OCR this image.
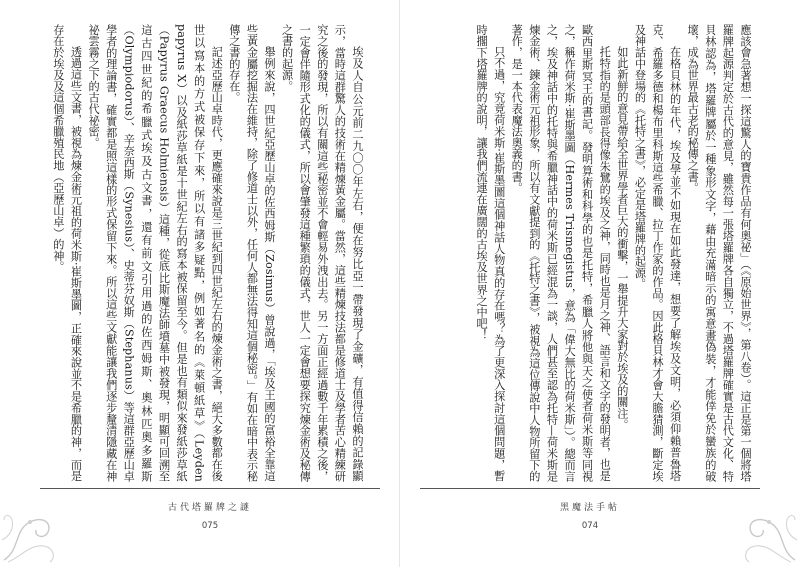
埃及人自公元前二九〇〇年左右，便在努比亞一帶發現了金礦，有值得信賴的記錄顯示，當時這群驚人的技術在精煉黃金屬。當然，這些精煉技法都是修道士及學者苦心精練研究之後的發現，所以有關這些秘密並不會輕易外洩出去。另一方面正經過數千年累積之後，一定會伴隨形式化的儀式，所以會肇發這種繁瑣的儀式，世人一定會想要探究煉金術及秘傳之書的起源。

舉例來說，四世紀亞歷山卓的佐西姆斯（Zosimus）曾說過，「埃及王國的富裕全靠這些黃金屬挖掘法在維持，除了修道士以外，任何人都無法得知這個秘密。」有如在暗中表示秘傳之書的存在。

記述亞歷山卓時代，更應確來說是三世紀到四世紀左右的煉金術之書，絕大多數都在後世以寫本的方式被保存下來，所以有諸多疑點，例如著名的《萊頓紙草》（Leyden papyrus X）以及紙莎草紙是十世紀左右的寫本被保留至今。但是也有類似來發紙莎草紙（Papyrus Graecus Holmiensis）這種，從底比斯魔法師墳墓中被發現，明顯可回溯至這古四世紀的希臘式埃及古文書，還有前文引用過的佐西姆斯、奧林匹奧多羅斯（Olympiodorus）、辛奈西斯（Synesius）、史蒂芬奴斯（Stephanus）等這群亞歷山卓學者的理論書，確實都是照這樣的形式保留下來。所以這些文獻能讓我們逐步釐清隱藏在神祕雲霧之下的古代祕密。

透過這些文書，被視為煉金術元祖的荷米斯·崔斯墨圖，正確來說並不是希臘的神，而是存在於埃及及這個希臘殖民地（亞歷山卓）的神。

古代塔羅牌之謎
075

應該會急著想一探這驚人的寶貴作品有何奧祕」（《原始世界》，第八卷）。這正是第一個將塔羅牌起源判定於古代的意見，雖然每一張塔羅牌各自獨立，不過塔羅牌確實是古代文化、特貝林認為，塔羅牌屬於一種象形文字，藉由充滿暗示的寓意畫偽裝，才能倖免於蠻族的破壞，成為世界最古老的秘傳之書。

在格貝林的年代，埃及學並不如現在如此發達，想要了解埃及文明，必須仰賴普魯塔克、希羅多德和楊布里科斯這些希臘、拉丁作家的作品。因此格貝林才會大膽猜測，斷定埃及神話中登場的《托特之書》，必定是塔羅牌的起源。

如此新鮮的意見帶給全世界學者巨大的衝擊，一舉提升大家對於埃及的關注。

托特指的是頭部長得像朱鷺的埃及之神，同時也是月之神、語言和文字的發明者，也是歐西里斯冥王的書記。發明算術和科學的也是托特，希臘人將他與天之使者荷米斯等同視之，稱作荷米斯·崔斯墨圖（Hermes Trismegistus，意為「偉大無比的荷米斯」）。總而言之，埃及神話中的托特與希臘神話中的荷米斯已經混為一談，人們甚至認為托特—荷米斯是煉金術、鍊金術元祖形象，所以有文獻提到的《托特之書》，被視為這位傳說中人物所留下的著作，是一本代表魔法奧義的書。

只不過，究竟荷米斯·崔斯墨圖這個神話人物真的存在嗎？為了更深入探討這個問題，暫時擱下塔羅牌的說明，讓我們流連在廣闊的古埃及世界之中吧！

黑魔法手帖
074
